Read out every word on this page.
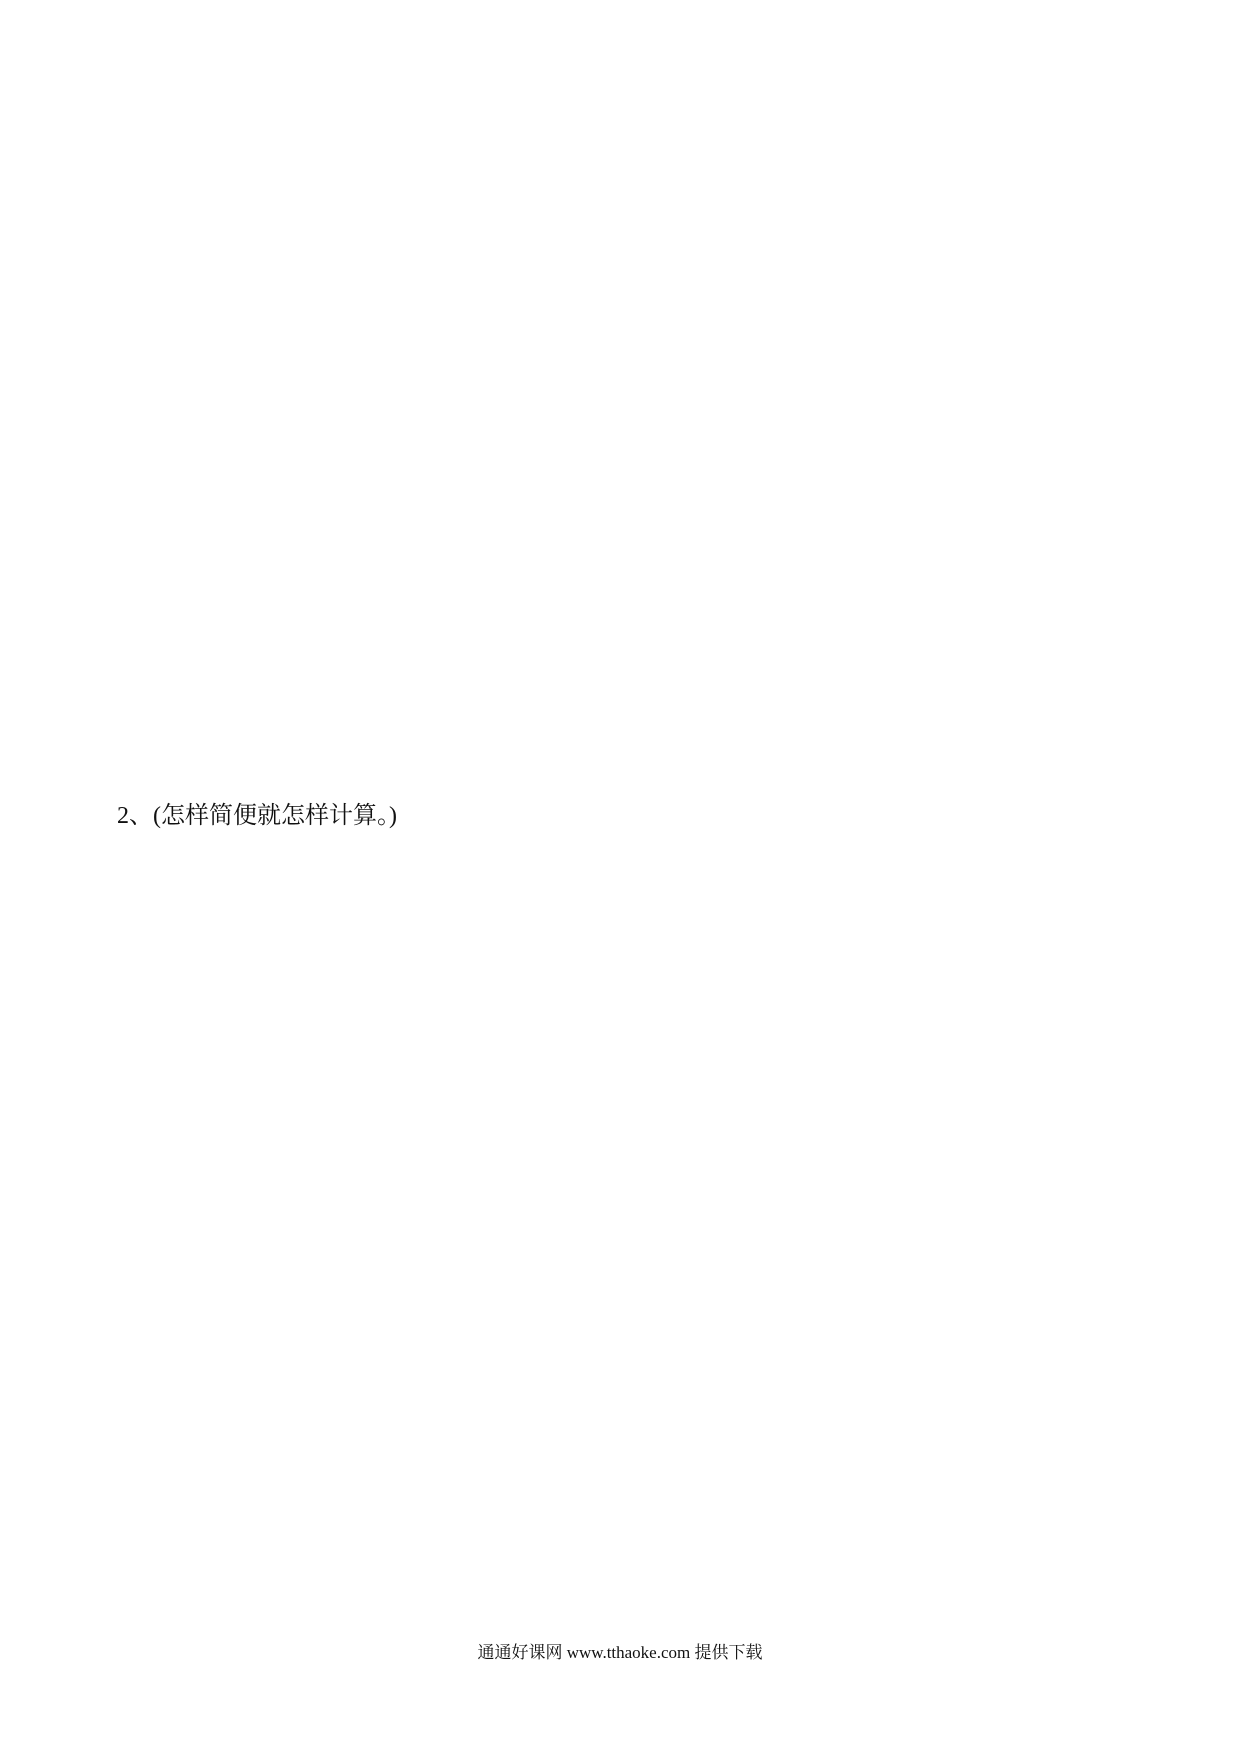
2、(怎样简便就怎样计算。)
通通好课网 www.tthaoke.com 提供下载
